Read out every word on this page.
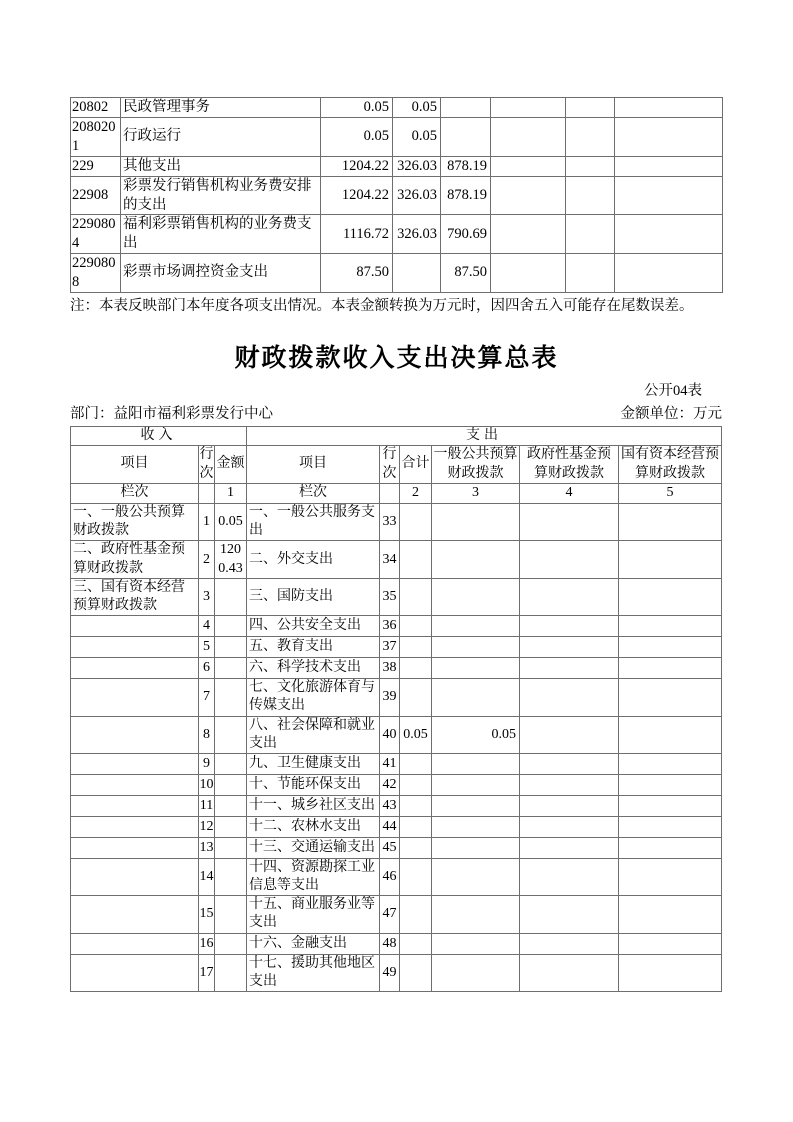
20802	民政管理事务	0.05	0.05				
2080201	行政运行	0.05	0.05				
229	其他支出	1204.22	326.03	878.19			
22908	彩票发行销售机构业务费安排的支出	1204.22	326.03	878.19			
2290804	福利彩票销售机构的业务费支出	1116.72	326.03	790.69			
2290808	彩票市场调控资金支出	87.50		87.50			
注：本表反映部门本年度各项支出情况。本表金额转换为万元时，因四舍五入可能存在尾数误差。
财政拨款收入支出决算总表
公开04表
部门：益阳市福利彩票发行中心	金额单位：万元
收入			支出					
项目	行次	金额	项目	行次	合计	一般公共预算财政拨款	政府性基金预算财政拨款	国有资本经营预算财政拨款
栏次		1	栏次		2	3	4	5
一、一般公共预算财政拨款	1	0.05	一、一般公共服务支出	33				
二、政府性基金预算财政拨款	2	1200.43	二、外交支出	34				
三、国有资本经营预算财政拨款	3		三、国防支出	35				
	4		四、公共安全支出	36				
	5		五、教育支出	37				
	6		六、科学技术支出	38				
	7		七、文化旅游体育与传媒支出	39				
	8		八、社会保障和就业支出	40	0.05	0.05		
	9		九、卫生健康支出	41				
	10		十、节能环保支出	42				
	11		十一、城乡社区支出	43				
	12		十二、农林水支出	44				
	13		十三、交通运输支出	45				
	14		十四、资源勘探工业信息等支出	46				
	15		十五、商业服务业等支出	47				
	16		十六、金融支出	48				
	17		十七、援助其他地区支出	49				
